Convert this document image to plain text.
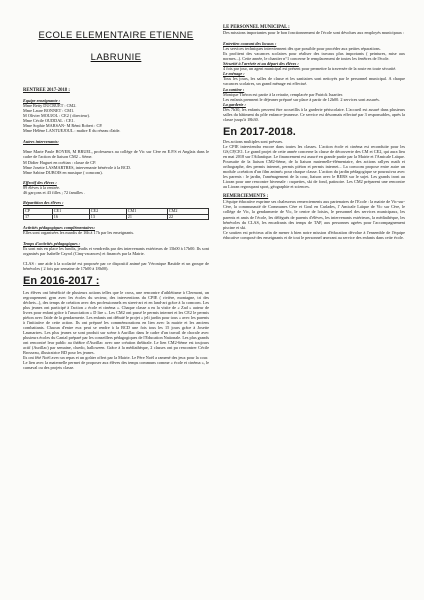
ECOLE ELEMENTAIRE ETIENNE
LABRUNIE
RENTREE 2017-2018 :
Equipe enseignante :
Mme Betty DUCRUET : CM2.
Mme Laure BONNET : CM1.
M Olivier MOUJOL : CE2 ( directeur).
Mme Cécile OUDDAL : CE1.
Mme Sophie MARSAN- M Rémi Robert : CP.
Mme Hélène LANTUEJOUL : maître E du réseau d'aide.
Autres intervenants:
Mme Marie Paule BOYER, M BRUEL, professeurs au collège de Vic sur Cère en E.P.S et Anglais dans le cadre de l'action de liaison CM2 – 6ème.
M Didier Huguet en océitan : classe de CP.
Mme Josette LASMARTRES, intervenante bénévole à la BCD.
Mme Sabine DUBOIS en musique ( comcom).
Effectif des élèves :
89 élèves à la rentrée.
46 garçons et 43 filles ; 72 familles .
Répartition des élèves :
CP	CE1	CE2	CM1	CM2
17	16	13	21	22
Activités pédagogiques complémentaires:
Elles sont organisées les mardis de 16h à 17h par les enseignants.
Temps d'activités pédagogiques :
Ils sont mis en place les lundis, jeudis et vendredis par des intervenants extérieurs de 15h00 à 17h00. Ils sont organisés par Isabelle Cayrol (Cinq-vacances) et financés par la Mairie.
CLAS : une aide à la scolarité est proposée par ce dispositif animé par Véronique Bastide et un groupe de bénévoles ( 2 fois par semaine de 17h00 à 18h00).
En 2016-2017 :
Les élèves ont bénéficié de plusieurs actions telles que le cross, une rencontre d'athlétisme à Clermont, un regroupement gym avec les écoles du secteur, des interventions du CPIE ( rivière, montagne, tri des déchets...), des temps de création avec des professionnels en street-art et en land-art grâce à la comcom. Les plus jeunes ont participé à l'action « école et cinéma ». Chaque classe a eu la visite de « Zad » auteur de livres pour enfant grâce à l'association « D lire ». Les CM2 ont passé le permis internet et les CE2 le permis piéton avec l'aide de la gendarmerie. Les enfants ont débuté le projet « jeli jardin pour tous » avec les parents à l'initiative de cette action. Ils ont préparé les commémorations en lien avec la mairie et les anciens combattants. Chacun d'entre eux peut se rendre à la BCD une fois tous les 15 jours grâce à Josette Lasmartres. Les plus jeunes se sont produit sur scène à Aurillac dans le cadre d'un travail de chorale avec plusieurs écoles du Cantal préparé par les conseillers pédagogiques de l'Education Nationale. Les plus grands ont rencontré leur public au théâtre d'Aurillac avec une création théâtrale. Le lien CM2-6ème est toujours actif (Aurillac) par semaine, cluedo, halloween. Grâce à la médiathèque, 2 classes ont pu rencontrer Cécile Brosseau, illustratrice BD pour les jeunes.
Ils ont fêté Noël avec un repas et un goûter offert par la Mairie. Le Père Noël a ramené des jeux pour la cour.
Le lien avec la maternelle permet de proposer aux élèves des temps communs comme « école et cinéma », le carnaval ou des projets classe.
LE PERSONNEL MUNICIPAL :
Des missions importantes pour le bon fonctionnement de l'école sont dévolues aux employés municipaux :
Entretien courant des locaux :
Les services techniques interviennent dès que possible pour procéder aux petites réparations.
Ils profitent des vacances scolaires pour réaliser des travaux plus importants ( peintures, mise aux normes...). Cette année, le chantier n°1 concerne le remplacement de toutes les fenêtres de l'école.
Sécurité à l'arrivée et au départ des élèves :
4 fois par jour, un agent municipal est présent pour permettre la traversée de la route en toute sécurité.
Le ménage :
Tous les jours, les salles de classe et les sanitaires sont nettoyés par le personnel municipal. A chaque vacances scolaires, un grand ménage est effectué.
La cantine :
Monique Théron est partie à la retraite, remplacée par Patrick Issartier.
Les enfants prennent le déjeuner préparé sur place à partir de 12h00. 2 services sont assurés.
La garderie :
Dès 7h30, les enfants peuvent être accueillis à la garderie périscolaire. L'accueil est assuré dans plusieurs salles du bâtiment du pôle enfance-jeunesse. Ce service est désormais effectué par 3 responsables, après la classe jusqu'à 18h30.
En 2017-2018.
Des actions multiples sont prévues.
Le CPIE interviendra encore dans toutes les classes. L'action école et cinéma est reconduite pour les GS,CP,CE1. Le grand projet de cette année concerne la classe de découverte des CM et CE2, qui aura lieu en mai 2018 sur l'Atlantique. Le financement est assuré en grande partie par la Mairie et l'Amicale Laïque. Poursuite de la liaison CM2-6ème, de la liaison maternelle-élémentaire, des actions rallyes math et orthographe, des permis internet, permis piéton et permis internet... La comcom propose entre autre un module «création d'un film animé» pour chaque classe. L'action du jardin pédagogique se poursuivra avec les parents : le jardin, l'aménagement de la cour, liaison avec le RERS sur le sujet. Les grands iront au Lioran pour une rencontre hivernale : raquettes, ski de fond, patinoire. Les CM2 préparent une rencontre au Lioran regroupant sport, géographie et sciences.
REMERCIEMENTS :
L'équipe éducative exprime ses chaleureux remerciements aux partenaires de l'Ecole : la mairie de Vic-sur-Cère, la communauté de Communes Cère et Goul en Carlades, l' Amicale Laïque de Vic sur Cère, le collège de Vic, la gendarmerie de Vic, le centre de loisirs, le personnel des services municipaux, les parents et amis de l'école, les délégués de parents d'élèves, les intervenants extérieurs, la médiathèque, les bénévoles du CLAS, les encadrants des temps de TAP, aux personnes agrées pour l'accompagnement piscine et ski.
Ce soutien est précieux afin de mener à bien notre mission d'éducation dévolue à l'ensemble de l'équipe éducative composé des enseignants et de tout le personnel œuvrant au service des enfants dans cette école.
